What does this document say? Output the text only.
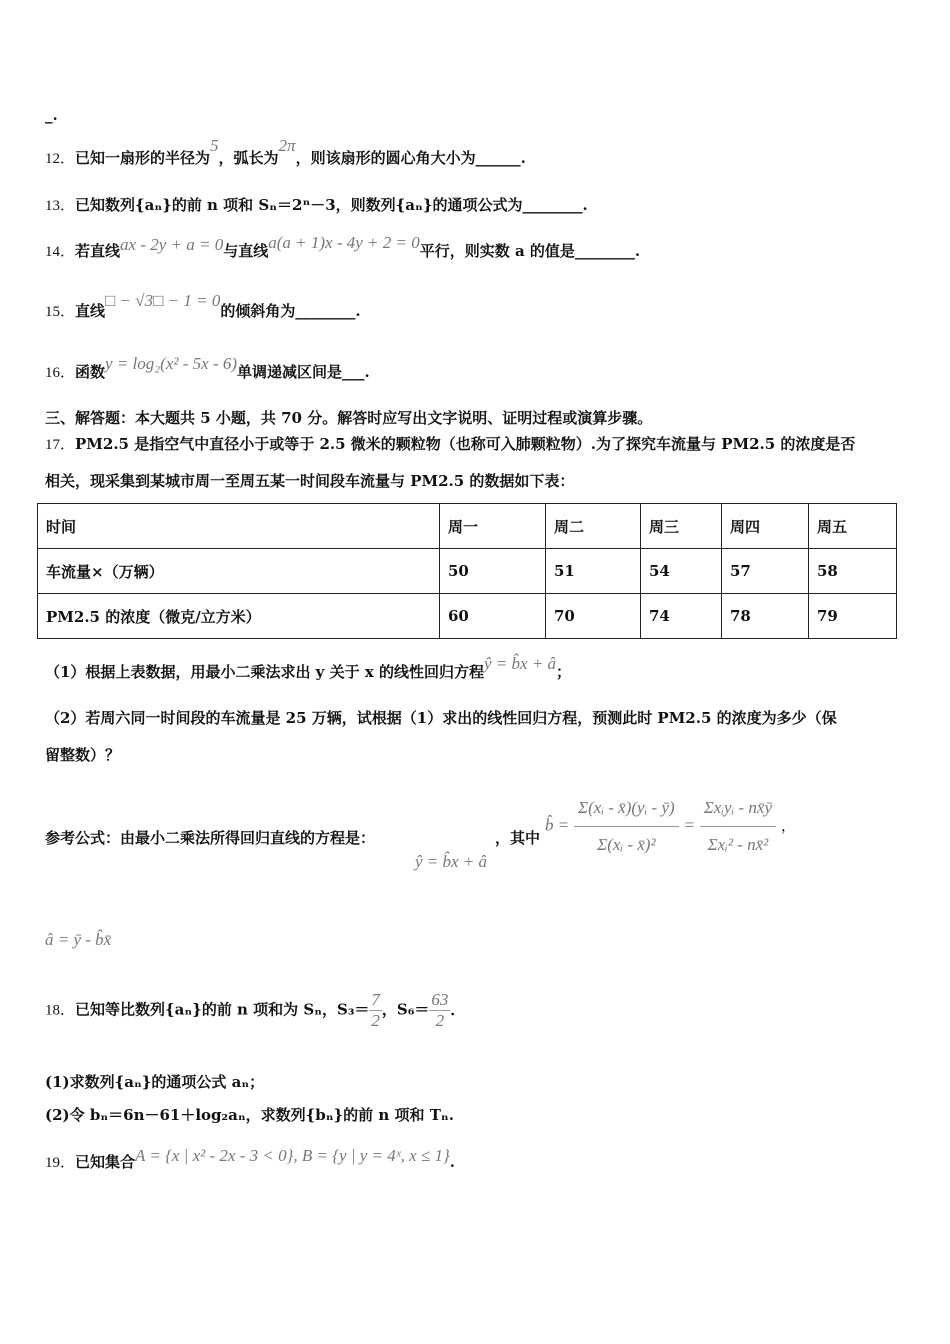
_.
12．已知一扇形的半径为5，弧长为2π，则该扇形的圆心角大小为______.
13．已知数列{aₙ}的前 n 项和 Sₙ＝2ⁿ－3，则数列{aₙ}的通项公式为________.
14．若直线ax - 2y + a = 0与直线a(a + 1)x - 4y + 2 = 0平行，则实数 a 的值是________.
15．直线□ − √3□ − 1 = 0的倾斜角为________.
16．函数y = log₂(x² - 5x - 6)单调递减区间是___.
三、解答题：本大题共 5 小题，共 70 分。解答时应写出文字说明、证明过程或演算步骤。
17．PM2.5 是指空气中直径小于或等于 2.5 微米的颗粒物（也称可入肺颗粒物）.为了探究车流量与 PM2.5 的浓度是否
相关，现采集到某城市周一至周五某一时间段车流量与 PM2.5 的数据如下表：
时间	周一	周二	周三	周四	周五
车流量×（万辆）	50	51	54	57	58
PM2.5 的浓度（微克/立方米）	60	70	74	78	79
（1）根据上表数据，用最小二乘法求出 y 关于 x 的线性回归方程ŷ = b̂x + â；
（2）若周六同一时间段的车流量是 25 万辆，试根据（1）求出的线性回归方程，预测此时 PM2.5 的浓度为多少（保
留整数）？
参考公式：由最小二乘法所得回归直线的方程是：
ŷ = b̂x + â
，其中
b̂ = $\frac{\text{Σ(xᵢ - x̄)(yᵢ - ȳ)}}{\text{Σ(xᵢ - x̄)²}} = \frac{\text{Σxᵢyᵢ - nx̄ȳ}}{\text{Σxᵢ² - nx̄²}}$ ，
â = ȳ - b̂x̄
18．已知等比数列{aₙ}的前 n 项和为 Sₙ，$S_3= \frac{7}{2}$ ，$S_6= \frac{63}{2}$ ．
(1)求数列{aₙ}的通项公式 aₙ；
(2)令 bₙ＝6n－61＋log₂aₙ，求数列{bₙ}的前 n 项和 Tₙ.
19．已知集合A = {x | x² - 2x - 3 < 0}, B = {y | y = 4ˣ, x ≤ 1}.
